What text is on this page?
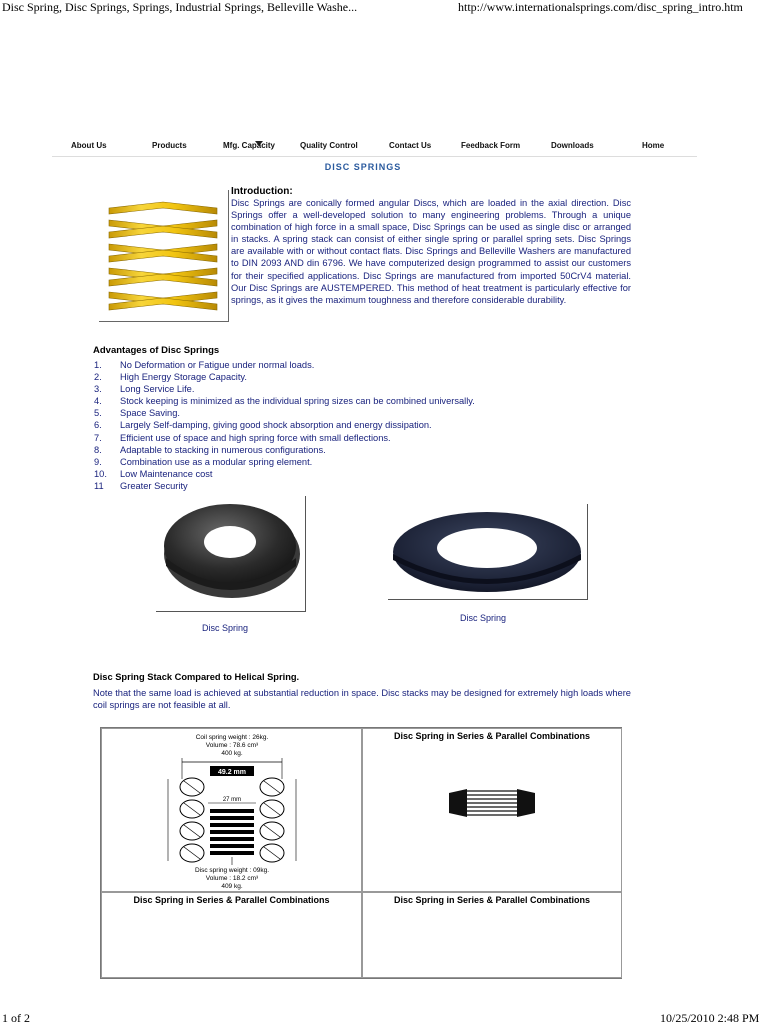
Disc Spring, Disc Springs, Springs, Industrial Springs, Belleville Washe...	http://www.internationalsprings.com/disc_spring_intro.htm
About Us	Products	Mfg. Capacity	Quality Control	Contact Us	Feedback Form	Downloads	Home
DISC SPRINGS
Introduction:

Disc Springs are conically formed angular Discs, which are loaded in the axial direction. Disc Springs offer a well-developed solution to many engineering problems. Through a unique combination of high force in a small space, Disc Springs can be used as single disc or arranged in stacks. A spring stack can consist of either single spring or parallel spring sets. Disc Springs are available with or without contact flats. Disc Springs and Belleville Washers are manufactured to DIN 2093 AND din 6796. We have computerized design programmed to assist our customers for their specified applications. Disc Springs are manufactured from imported 50CrV4 material. Our Disc Springs are AUSTEMPERED. This method of heat treatment is particularly effective for springs, as it gives the maximum toughness and therefore considerable durability.

Advantages of Disc Springs
1. No Deformation or Fatigue under normal loads.
2. High Energy Storage Capacity.
3. Long Service Life.
4. Stock keeping is minimized as the individual spring sizes can be combined universally.
5. Space Saving.
6. Largely Self-damping, giving good shock absorption and energy dissipation.
7. Efficient use of space and high spring force with small deflections.
8. Adaptable to stacking in numerous configurations.
9. Combination use as a modular spring element.
10. Low Maintenance cost
11 Greater Security
Disc Spring
Disc Spring
Disc Spring Stack Compared to Helical Spring.

Note that the same load is achieved at substantial reduction in space. Disc stacks may be designed for extremely high loads where coil springs are not feasible at all.

Coil spring weight : 26kg.
Volume : 78.6 cm³
400 kg.
49.2 mm
27 mm
Disc spring weight : 09kg.
Volume : 18.2 cm³
409 kg.
Disc Spring in Series & Parallel Combinations
Disc Spring in Series & Parallel Combinations	Disc Spring in Series & Parallel Combinations
1 of 2	10/25/2010 2:48 PM
